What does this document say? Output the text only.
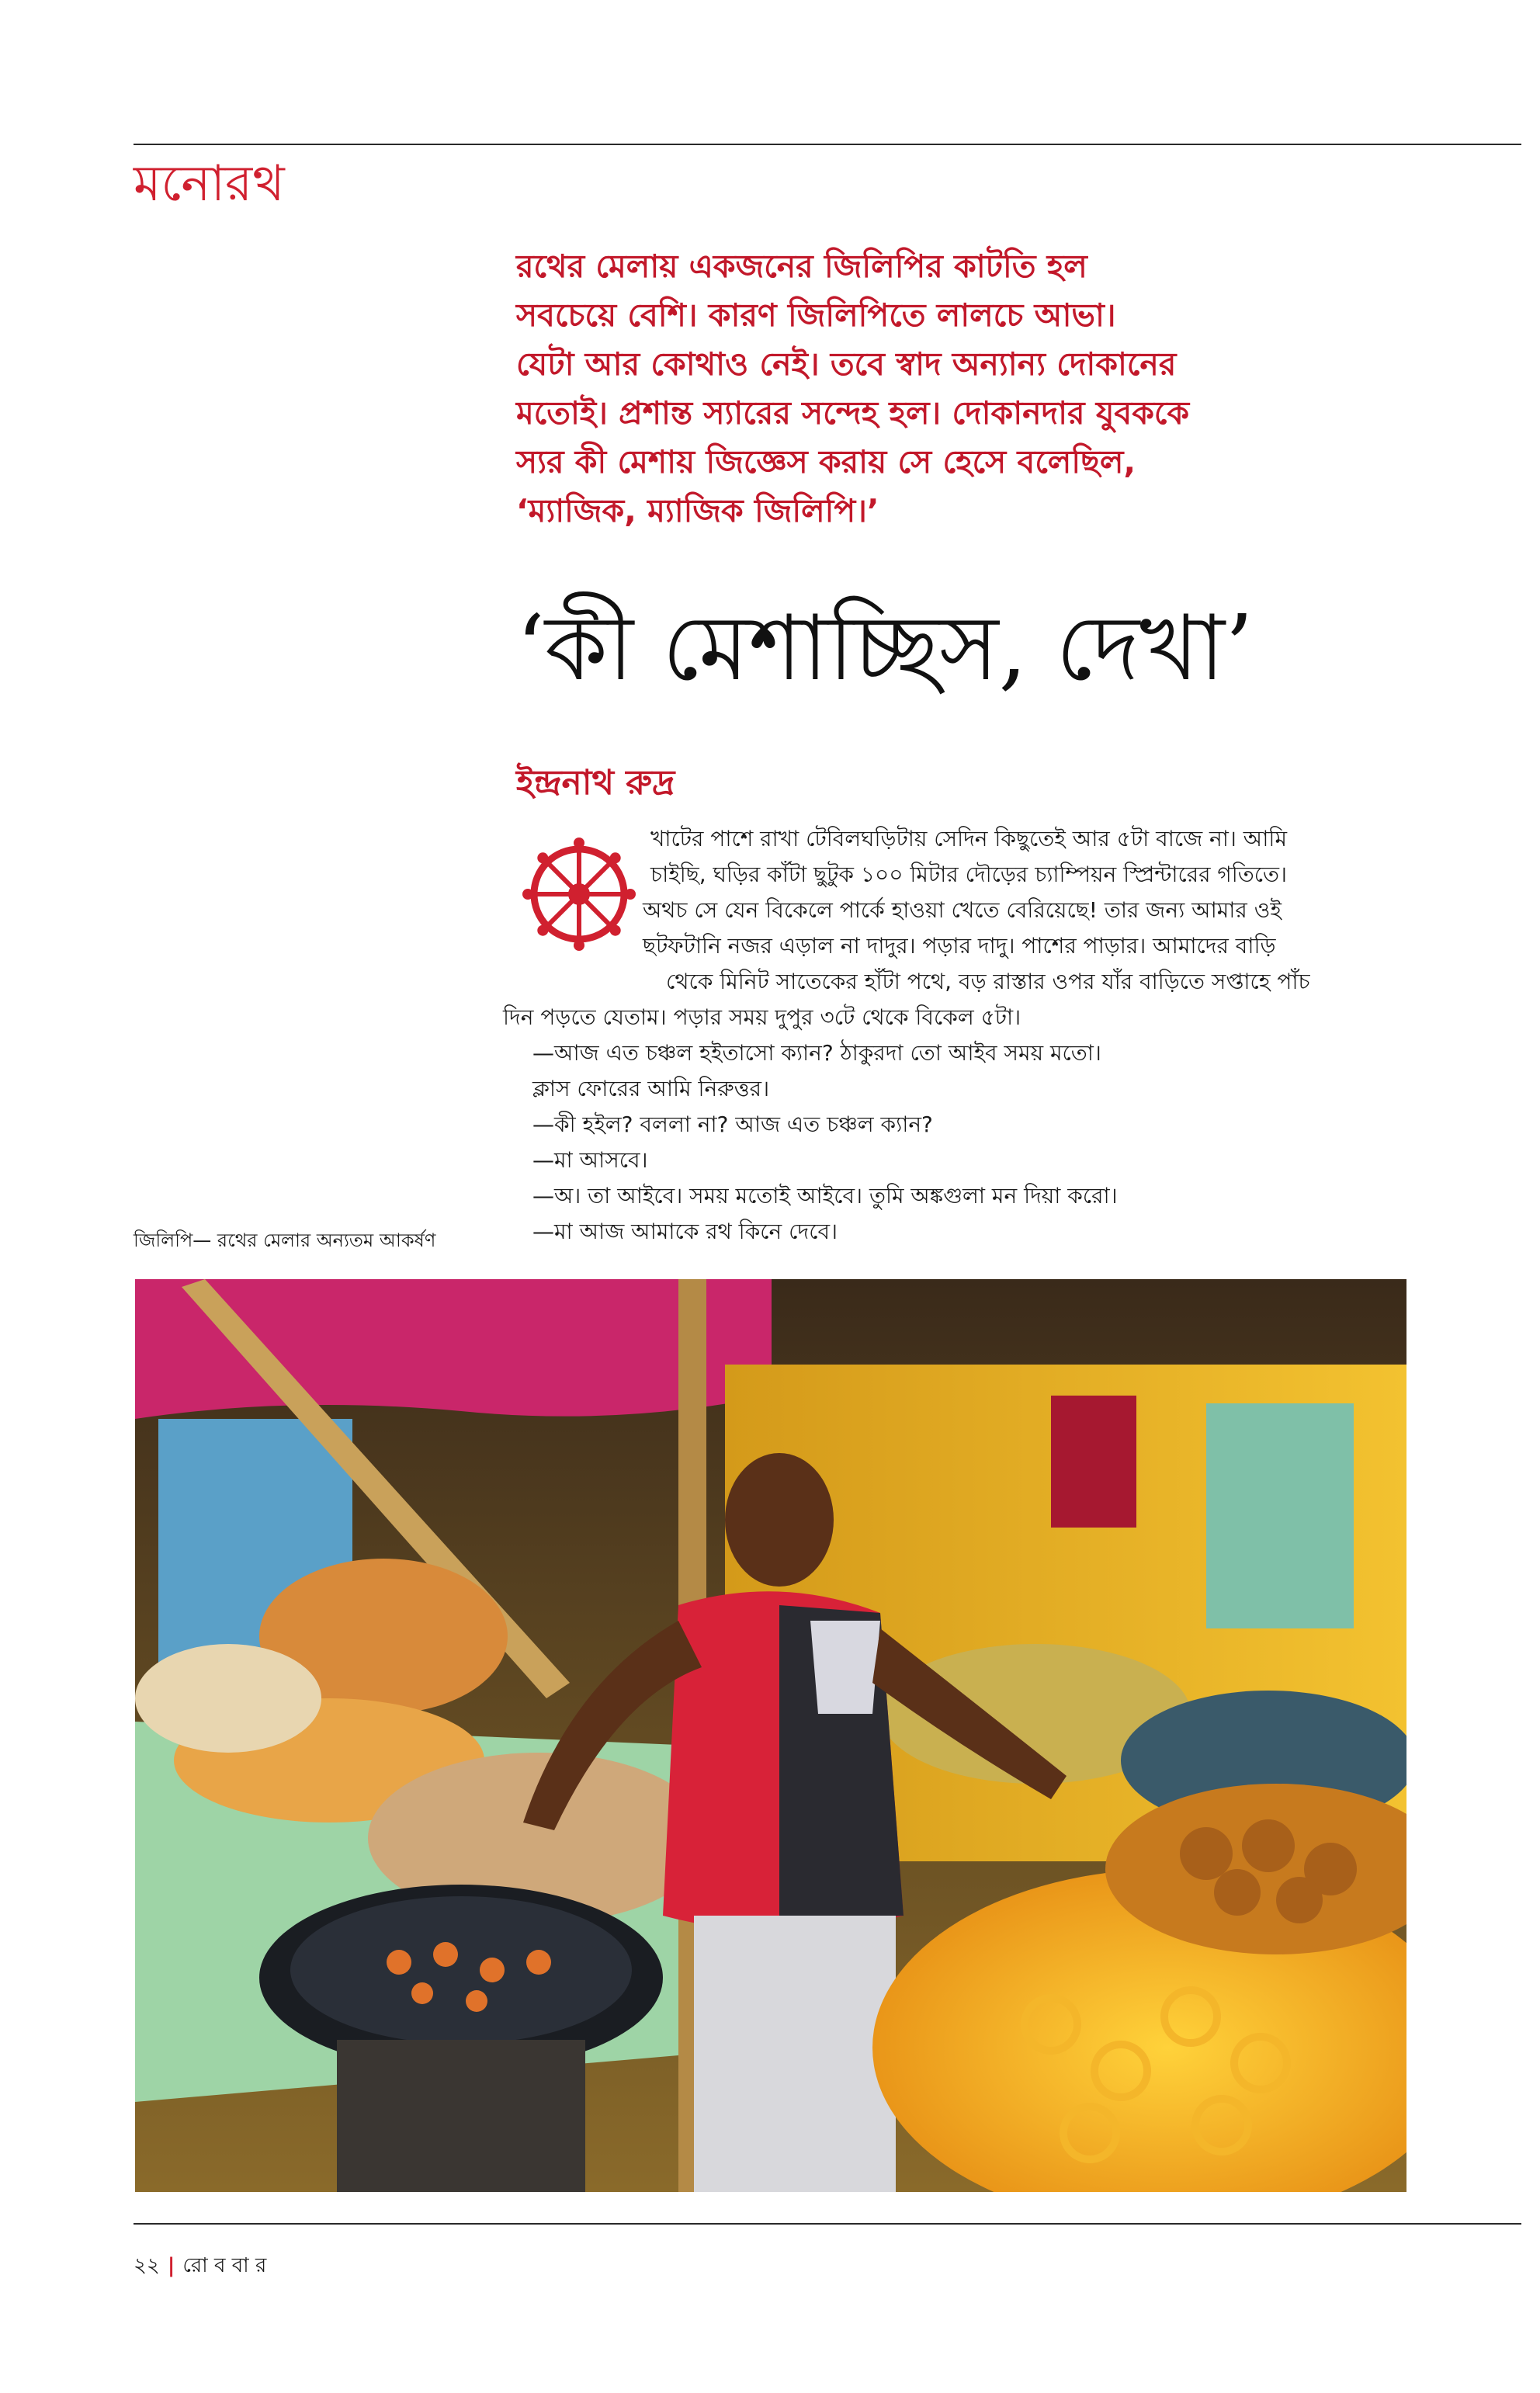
মনোরথ
রথের মেলায় একজনের জিলিপির কাটতি হল
সবচেয়ে বেশি। কারণ জিলিপিতে লালচে আভা।
যেটা আর কোথাও নেই। তবে স্বাদ অন্যান্য দোকানের
মতোই। প্রশান্ত স্যারের সন্দেহ হল। দোকানদার যুবককে
স্যর কী মেশায় জিজ্ঞেস করায় সে হেসে বলেছিল,
‘ম্যাজিক, ম্যাজিক জিলিপি।’
‘কী মেশাচ্ছিস, দেখা’
ইন্দ্রনাথ রুদ্র
খাটের পাশে রাখা টেবিলঘড়িটায় সেদিন কিছুতেই আর ৫টা বাজে না। আমি
চাইছি, ঘড়ির কাঁটা ছুটুক ১০০ মিটার দৌড়ের চ্যাম্পিয়ন স্প্রিন্টারের গতিতে।
অথচ সে যেন বিকেলে পার্কে হাওয়া খেতে বেরিয়েছে! তার জন্য আমার ওই
ছটফটানি নজর এড়াল না দাদুর। পড়ার দাদু। পাশের পাড়ার। আমাদের বাড়ি
থেকে মিনিট সাতেকের হাঁটা পথে, বড় রাস্তার ওপর যাঁর বাড়িতে সপ্তাহে পাঁচ
দিন পড়তে যেতাম। পড়ার সময় দুপুর ৩টে থেকে বিকেল ৫টা।
—আজ এত চঞ্চল হইতাসো ক্যান? ঠাকুরদা তো আইব সময় মতো।
ক্লাস ফোরের আমি নিরুত্তর।
—কী হইল? বললা না? আজ এত চঞ্চল ক্যান?
—মা আসবে।
—অ। তা আইবে। সময় মতোই আইবে। তুমি অঙ্কগুলা মন দিয়া করো।
—মা আজ আমাকে রথ কিনে দেবে।
জিলিপি— রথের মেলার অন্যতম আকর্ষণ
২২ | রো ব বা র
